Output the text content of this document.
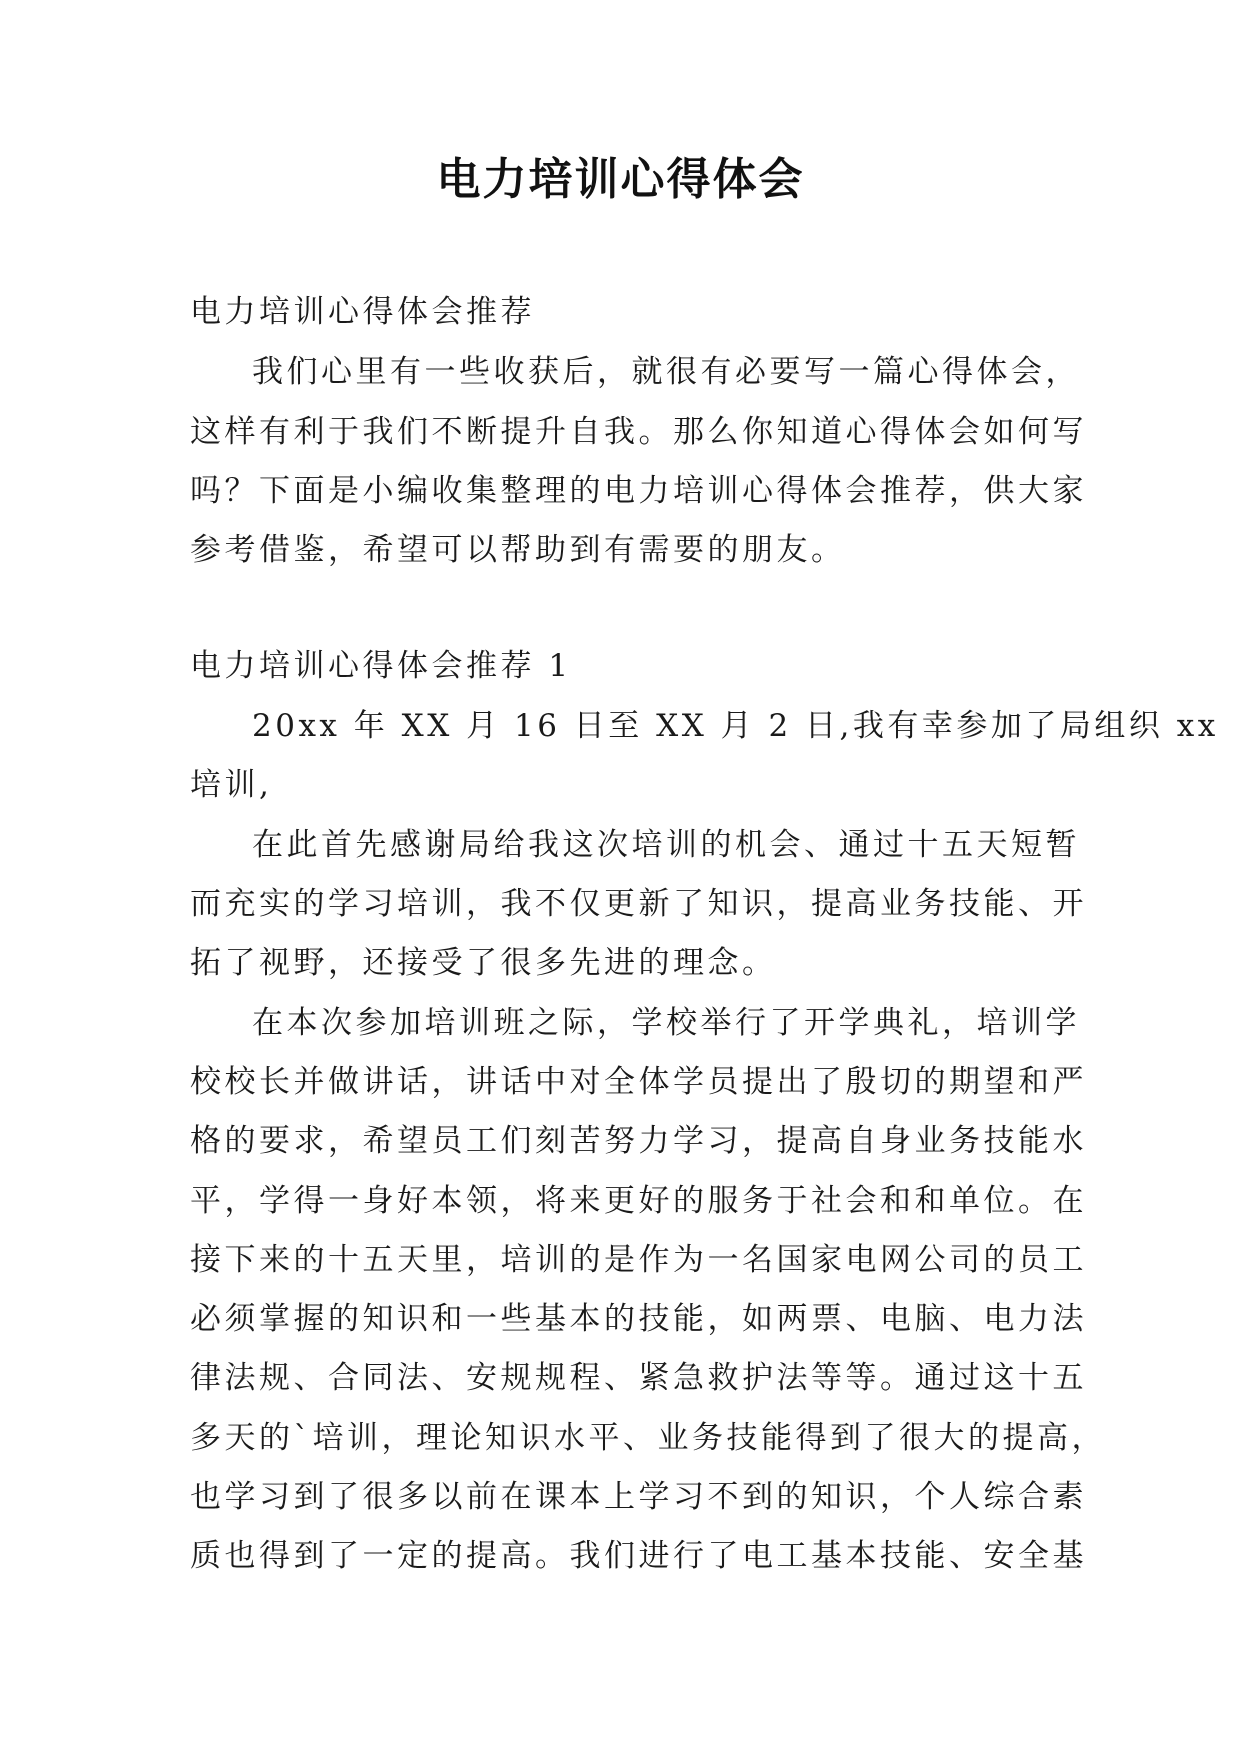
电力培训心得体会
电力培训心得体会推荐
我们心里有一些收获后，就很有必要写一篇心得体会，
这样有利于我们不断提升自我。那么你知道心得体会如何写
吗？下面是小编收集整理的电力培训心得体会推荐，供大家
参考借鉴，希望可以帮助到有需要的朋友。
电力培训心得体会推荐 1
20xx 年 XX 月 16 日至 XX 月 2 日,我有幸参加了局组织 xx
培训,
在此首先感谢局给我这次培训的机会、通过十五天短暂
而充实的学习培训，我不仅更新了知识，提高业务技能、开
拓了视野，还接受了很多先进的理念。
在本次参加培训班之际，学校举行了开学典礼，培训学
校校长并做讲话，讲话中对全体学员提出了殷切的期望和严
格的要求，希望员工们刻苦努力学习，提高自身业务技能水
平，学得一身好本领，将来更好的服务于社会和和单位。在
接下来的十五天里，培训的是作为一名国家电网公司的员工
必须掌握的知识和一些基本的技能，如两票、电脑、电力法
律法规、合同法、安规规程、紧急救护法等等。通过这十五
多天的`培训，理论知识水平、业务技能得到了很大的提高，
也学习到了很多以前在课本上学习不到的知识，个人综合素
质也得到了一定的提高。我们进行了电工基本技能、安全基
